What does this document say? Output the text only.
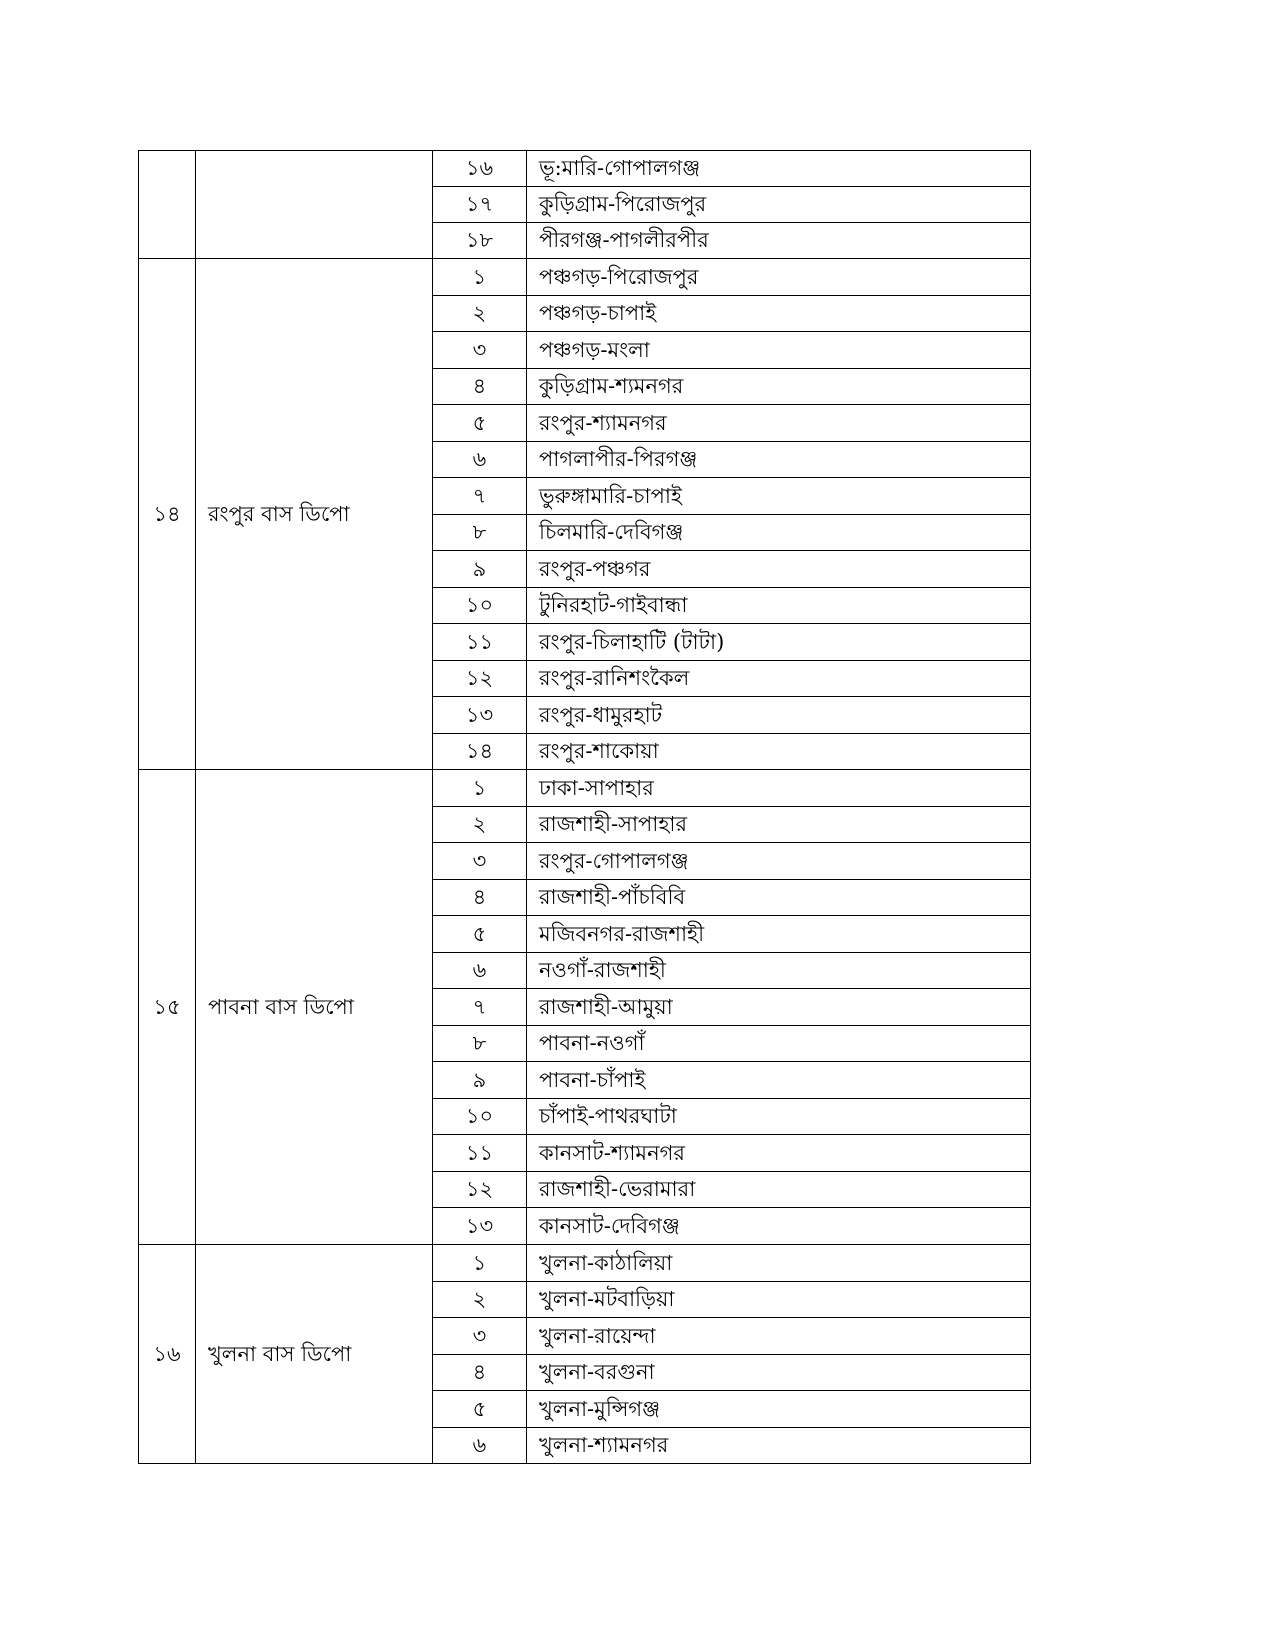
		১৬	ভূ:মারি-গোপালগঞ্জ
		১৭	কুড়িগ্রাম-পিরোজপুর
		১৮	পীরগঞ্জ-পাগলীরপীর
১৪	রংপুর বাস ডিপো	১	পঞ্চগড়-পিরোজপুর
		২	পঞ্চগড়-চাপাই
		৩	পঞ্চগড়-মংলা
		৪	কুড়িগ্রাম-শ্যমনগর
		৫	রংপুর-শ্যামনগর
		৬	পাগলাপীর-পিরগঞ্জ
		৭	ভুরুঙ্গামারি-চাপাই
		৮	চিলমারি-দেবিগঞ্জ
		৯	রংপুর-পঞ্চগর
		১০	টুনিরহাট-গাইবান্ধা
		১১	রংপুর-চিলাহাটি (টাটা)
		১২	রংপুর-রানিশংকৈল
		১৩	রংপুর-ধামুরহাট
		১৪	রংপুর-শাকোয়া
১৫	পাবনা বাস ডিপো	১	ঢাকা-সাপাহার
		২	রাজশাহী-সাপাহার
		৩	রংপুর-গোপালগঞ্জ
		৪	রাজশাহী-পাঁচবিবি
		৫	মজিবনগর-রাজশাহী
		৬	নওগাঁ-রাজশাহী
		৭	রাজশাহী-আমুয়া
		৮	পাবনা-নওগাঁ
		৯	পাবনা-চাঁপাই
		১০	চাঁপাই-পাথরঘাটা
		১১	কানসাট-শ্যামনগর
		১২	রাজশাহী-ভেরামারা
		১৩	কানসাট-দেবিগঞ্জ
১৬	খুলনা বাস ডিপো	১	খুলনা-কাঠালিয়া
		২	খুলনা-মটবাড়িয়া
		৩	খুলনা-রায়েন্দা
		৪	খুলনা-বরগুনা
		৫	খুলনা-মুন্সিগঞ্জ
		৬	খুলনা-শ্যামনগর
